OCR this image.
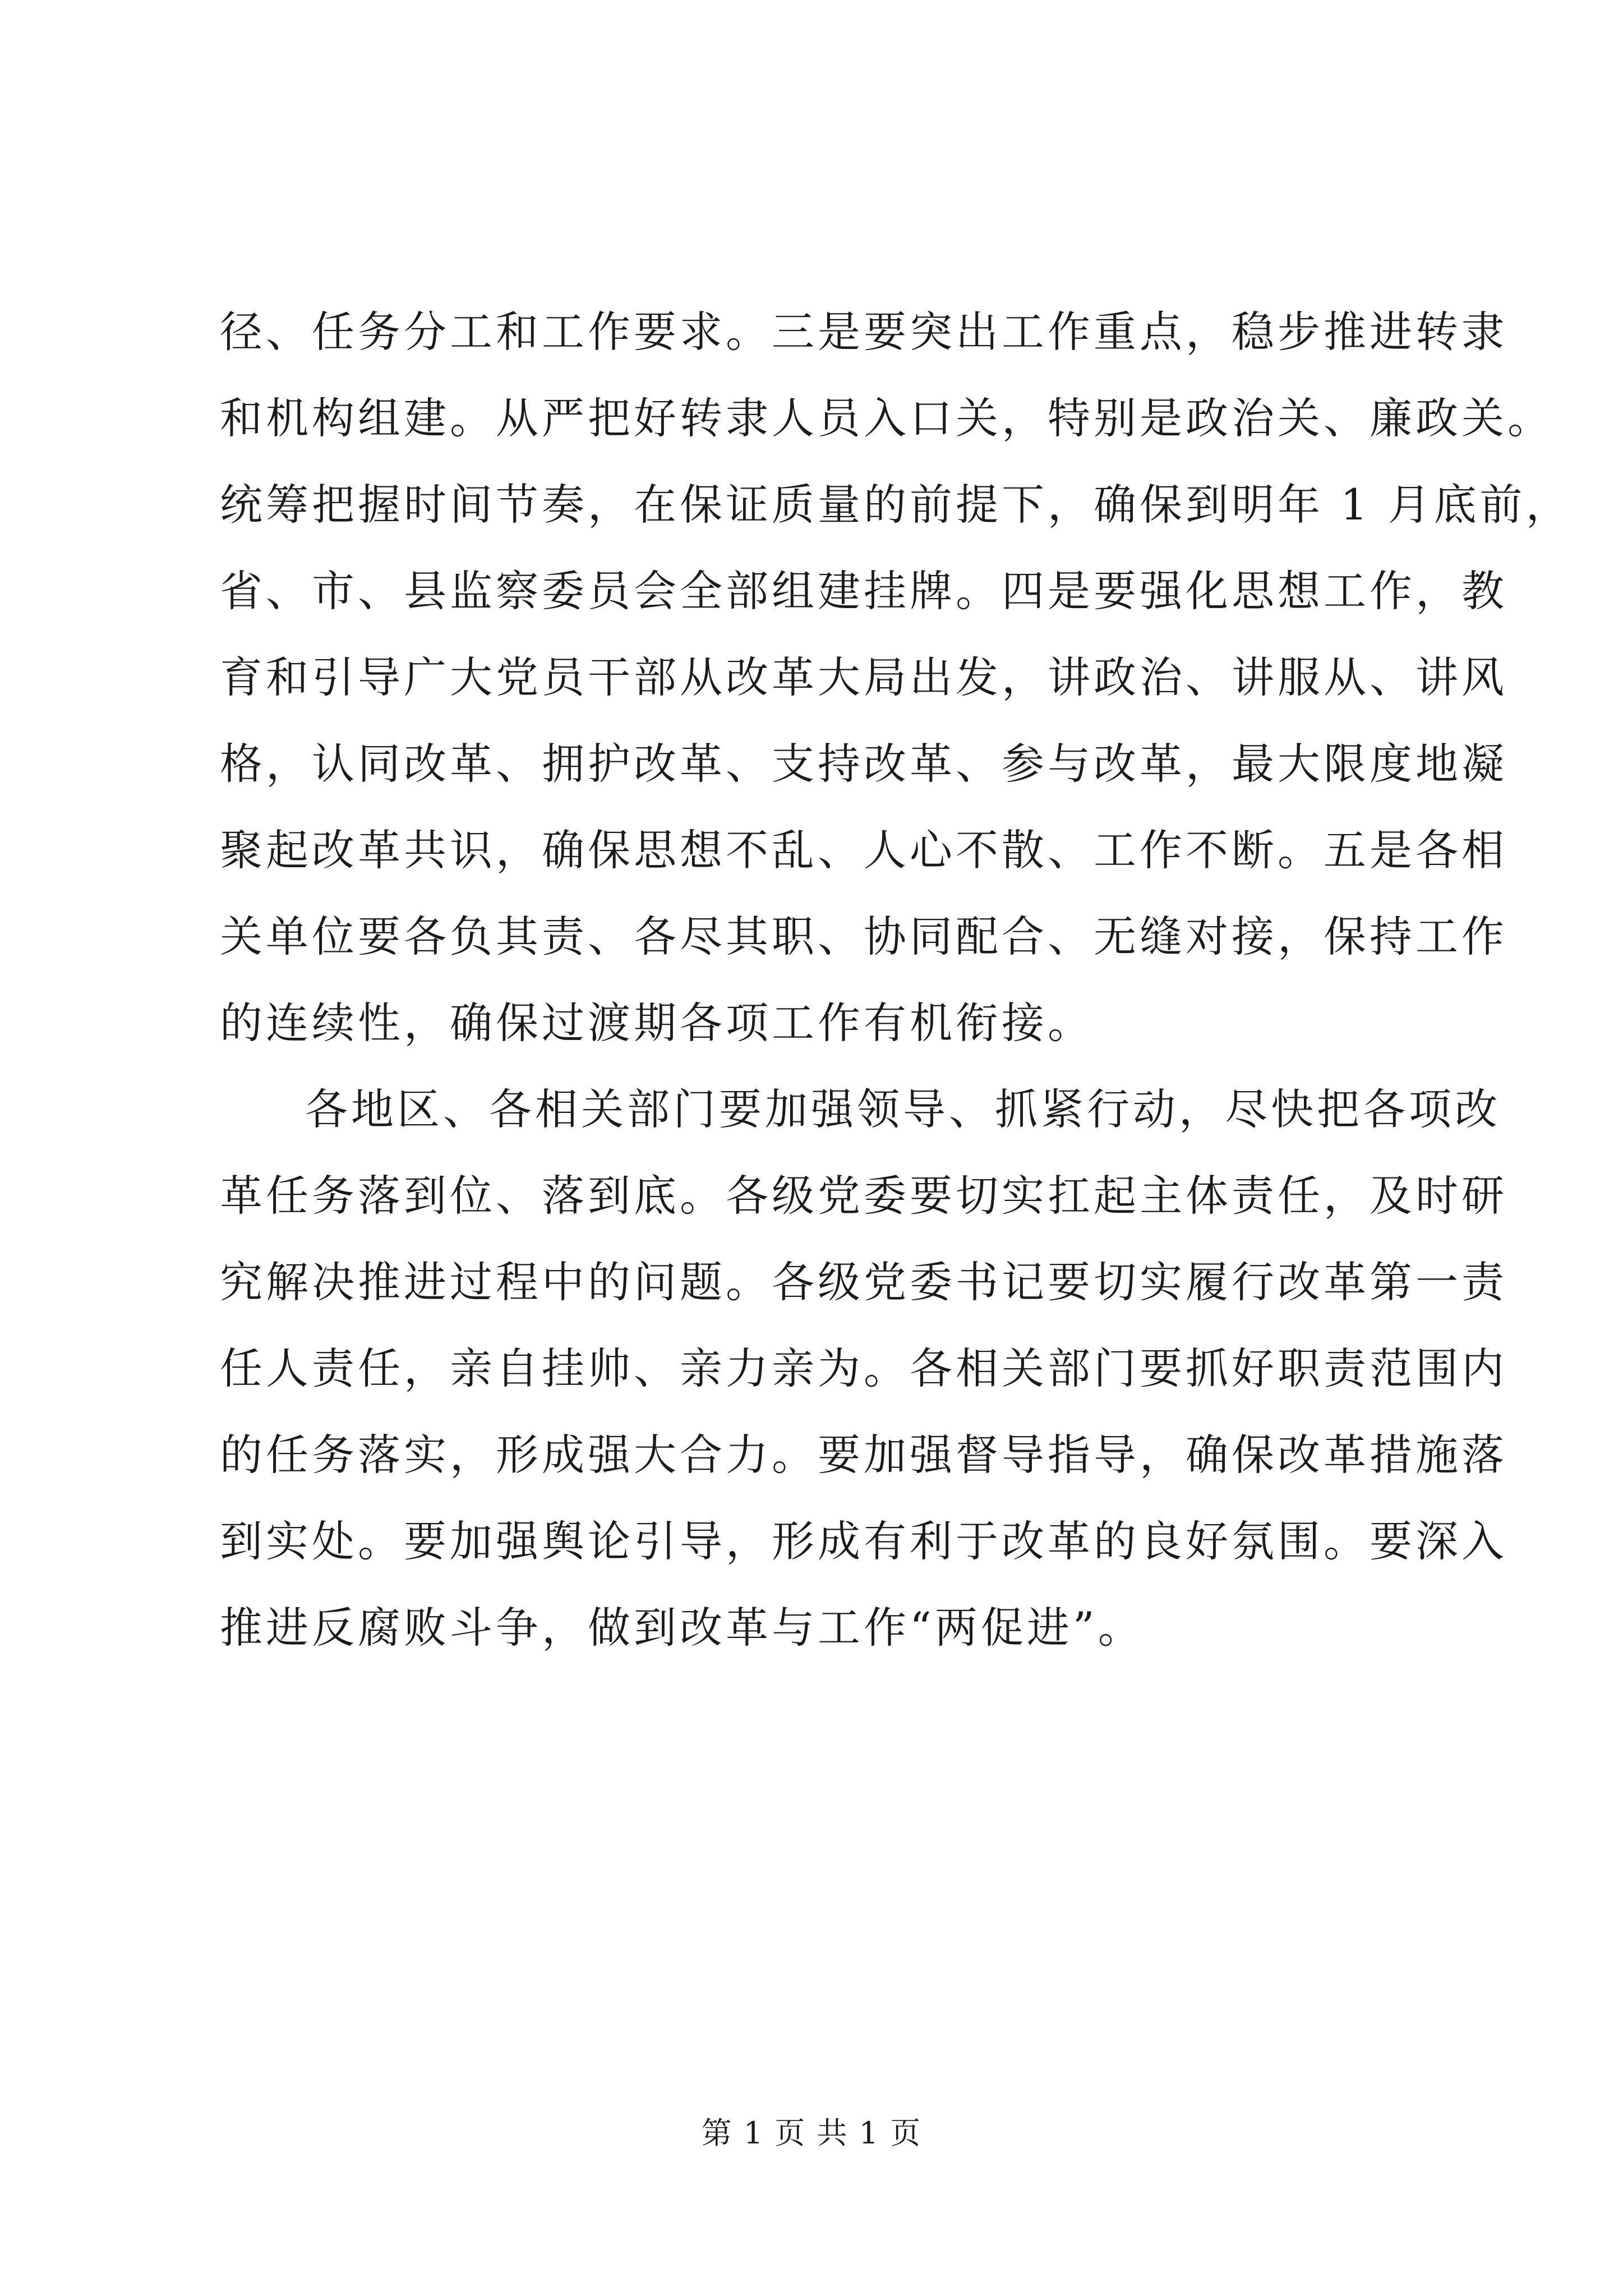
径、任务分工和工作要求。三是要突出工作重点，稳步推进转隶
和机构组建。从严把好转隶人员入口关，特别是政治关、廉政关。
统筹把握时间节奏，在保证质量的前提下，确保到明年 1 月底前，
省、市、县监察委员会全部组建挂牌。四是要强化思想工作，教
育和引导广大党员干部从改革大局出发，讲政治、讲服从、讲风
格，认同改革、拥护改革、支持改革、参与改革，最大限度地凝
聚起改革共识，确保思想不乱、人心不散、工作不断。五是各相
关单位要各负其责、各尽其职、协同配合、无缝对接，保持工作
的连续性，确保过渡期各项工作有机衔接。
各地区、各相关部门要加强领导、抓紧行动，尽快把各项改
革任务落到位、落到底。各级党委要切实扛起主体责任，及时研
究解决推进过程中的问题。各级党委书记要切实履行改革第一责
任人责任，亲自挂帅、亲力亲为。各相关部门要抓好职责范围内
的任务落实，形成强大合力。要加强督导指导，确保改革措施落
到实处。要加强舆论引导，形成有利于改革的良好氛围。要深入
推进反腐败斗争，做到改革与工作“两促进”。
第 1 页 共 1 页
